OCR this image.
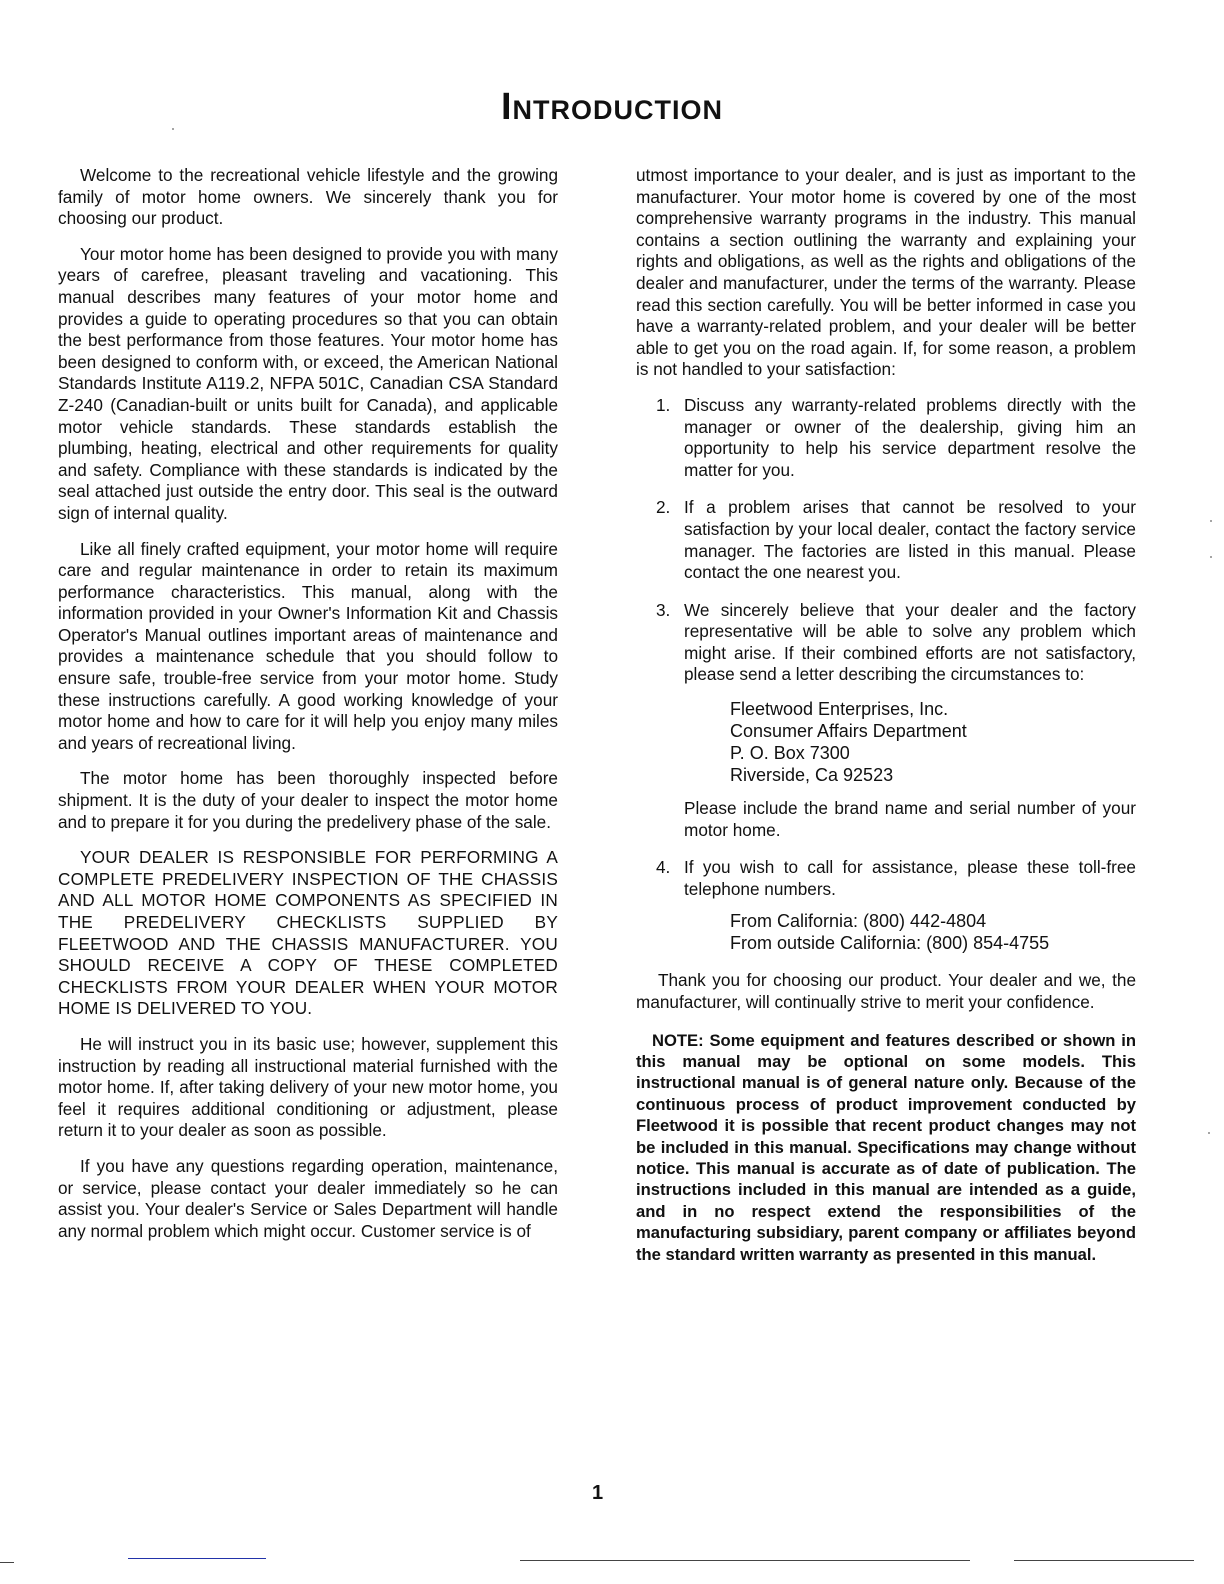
Introduction

Welcome to the recreational vehicle lifestyle and the growing family of motor home owners. We sincerely thank you for choosing our product.

Your motor home has been designed to provide you with many years of carefree, pleasant traveling and vacationing. This manual describes many features of your motor home and provides a guide to operating procedures so that you can obtain the best performance from those features. Your motor home has been designed to conform with, or exceed, the American National Standards Institute A119.2, NFPA 501C, Canadian CSA Standard Z-240 (Canadian-built or units built for Canada), and applicable motor vehicle standards. These standards establish the plumbing, heating, electrical and other requirements for quality and safety. Compliance with these standards is indicated by the seal attached just outside the entry door. This seal is the outward sign of internal quality.

Like all finely crafted equipment, your motor home will require care and regular maintenance in order to retain its maximum performance characteristics. This manual, along with the information provided in your Owner's Information Kit and Chassis Operator's Manual outlines important areas of maintenance and provides a maintenance schedule that you should follow to ensure safe, trouble-free service from your motor home. Study these instructions carefully. A good working knowledge of your motor home and how to care for it will help you enjoy many miles and years of recreational living.

The motor home has been thoroughly inspected before shipment. It is the duty of your dealer to inspect the motor home and to prepare it for you during the predelivery phase of the sale.

YOUR DEALER IS RESPONSIBLE FOR PERFORMING A COMPLETE PREDELIVERY INSPECTION OF THE CHASSIS AND ALL MOTOR HOME COMPONENTS AS SPECIFIED IN THE PREDELIVERY CHECKLISTS SUPPLIED BY FLEETWOOD AND THE CHASSIS MANUFACTURER. YOU SHOULD RECEIVE A COPY OF THESE COMPLETED CHECKLISTS FROM YOUR DEALER WHEN YOUR MOTOR HOME IS DELIVERED TO YOU.

He will instruct you in its basic use; however, supplement this instruction by reading all instructional material furnished with the motor home. If, after taking delivery of your new motor home, you feel it requires additional conditioning or adjustment, please return it to your dealer as soon as possible.

If you have any questions regarding operation, maintenance, or service, please contact your dealer immediately so he can assist you. Your dealer's Service or Sales Department will handle any normal problem which might occur. Customer service is of

utmost importance to your dealer, and is just as important to the manufacturer. Your motor home is covered by one of the most comprehensive warranty programs in the industry. This manual contains a section outlining the warranty and explaining your rights and obligations, as well as the rights and obligations of the dealer and manufacturer, under the terms of the warranty. Please read this section carefully. You will be better informed in case you have a warranty-related problem, and your dealer will be better able to get you on the road again. If, for some reason, a problem is not handled to your satisfaction:

1. Discuss any warranty-related problems directly with the manager or owner of the dealership, giving him an opportunity to help his service department resolve the matter for you.
2. If a problem arises that cannot be resolved to your satisfaction by your local dealer, contact the factory service manager. The factories are listed in this manual. Please contact the one nearest you.
3. We sincerely believe that your dealer and the factory representative will be able to solve any problem which might arise. If their combined efforts are not satisfactory, please send a letter describing the circumstances to:
Fleetwood Enterprises, Inc.
Consumer Affairs Department
P. O. Box 7300
Riverside, Ca 92523

Please include the brand name and serial number of your motor home.

4. If you wish to call for assistance, please these toll-free telephone numbers.
From California: (800) 442-4804
From outside California: (800) 854-4755

Thank you for choosing our product. Your dealer and we, the manufacturer, will continually strive to merit your confidence.

NOTE: Some equipment and features described or shown in this manual may be optional on some models. This instructional manual is of general nature only. Because of the continuous process of product improvement conducted by Fleetwood it is possible that recent product changes may not be included in this manual. Specifications may change without notice. This manual is accurate as of date of publication. The instructions included in this manual are intended as a guide, and in no respect extend the responsibilities of the manufacturing subsidiary, parent company or affiliates beyond the standard written warranty as presented in this manual.

1
